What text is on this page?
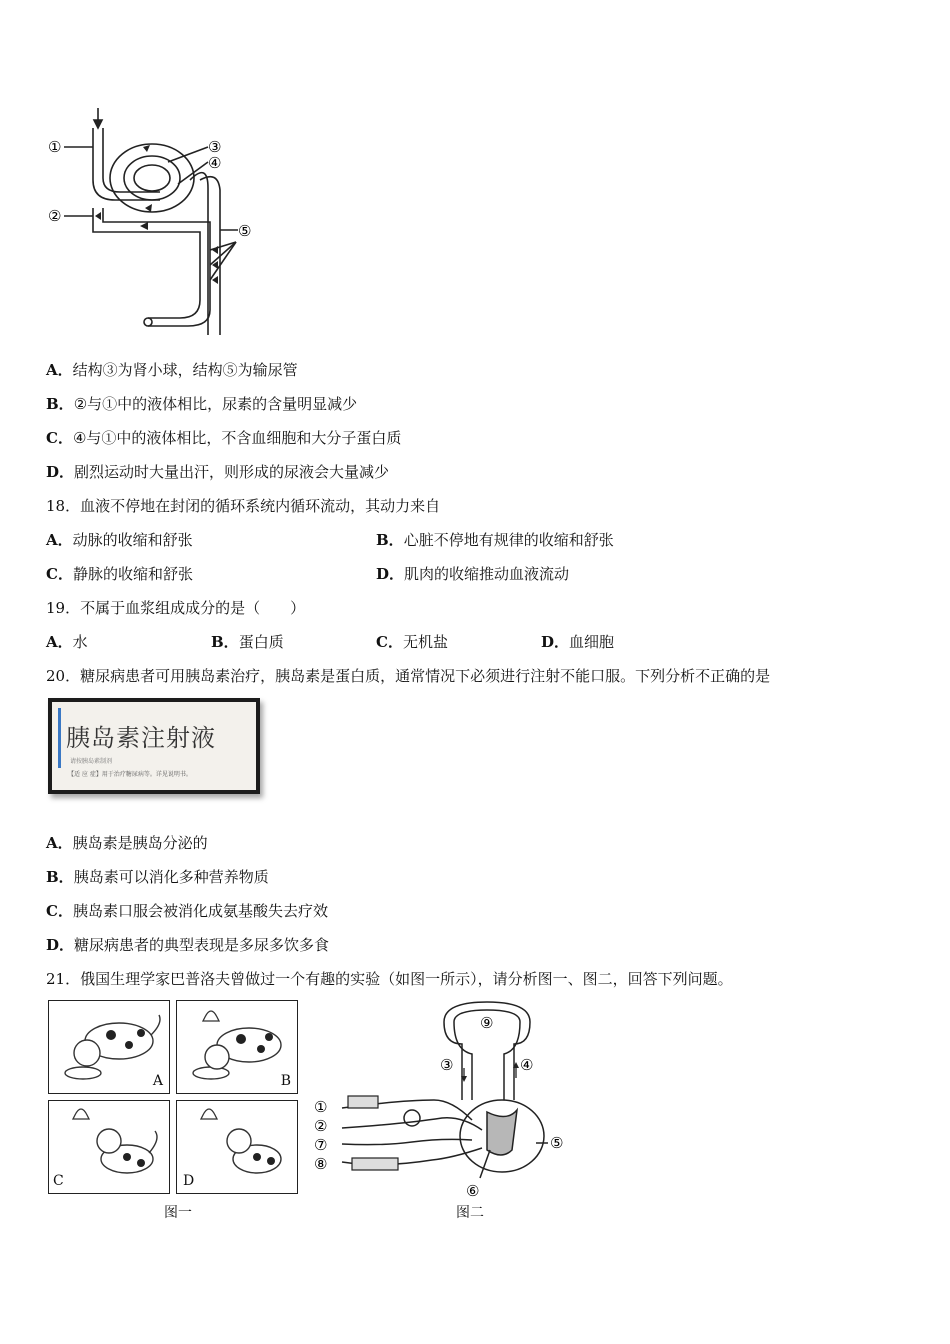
①
②
③
④
⑤
A．结构③为肾小球，结构⑤为输尿管
B．②与①中的液体相比，尿素的含量明显减少
C．④与①中的液体相比，不含血细胞和大分子蛋白质
D．剧烈运动时大量出汗，则形成的尿液会大量减少
18．血液不停地在封闭的循环系统内循环流动，其动力来自
A．动脉的收缩和舒张	B．心脏不停地有规律的收缩和舒张
C．静脉的收缩和舒张	D．肌肉的收缩推动血液流动
19．不属于血浆组成成分的是（　　）
A．水	B．蛋白质	C．无机盐	D．血细胞
20．糖尿病患者可用胰岛素治疗，胰岛素是蛋白质，通常情况下必须进行注射不能口服。下列分析不正确的是
胰岛素注射液
请按胰岛素制剂
【适 应 症】用于治疗糖尿病等。详见说明书。
A．胰岛素是胰岛分泌的
B．胰岛素可以消化多种营养物质
C．胰岛素口服会被消化成氨基酸失去疗效
D．糖尿病患者的典型表现是多尿多饮多食
21．俄国生理学家巴普洛夫曾做过一个有趣的实验（如图一所示），请分析图一、图二，回答下列问题。
A	B
C	D
图一
⑨
③	④
①
②
⑦
⑧
⑤
⑥
图二
